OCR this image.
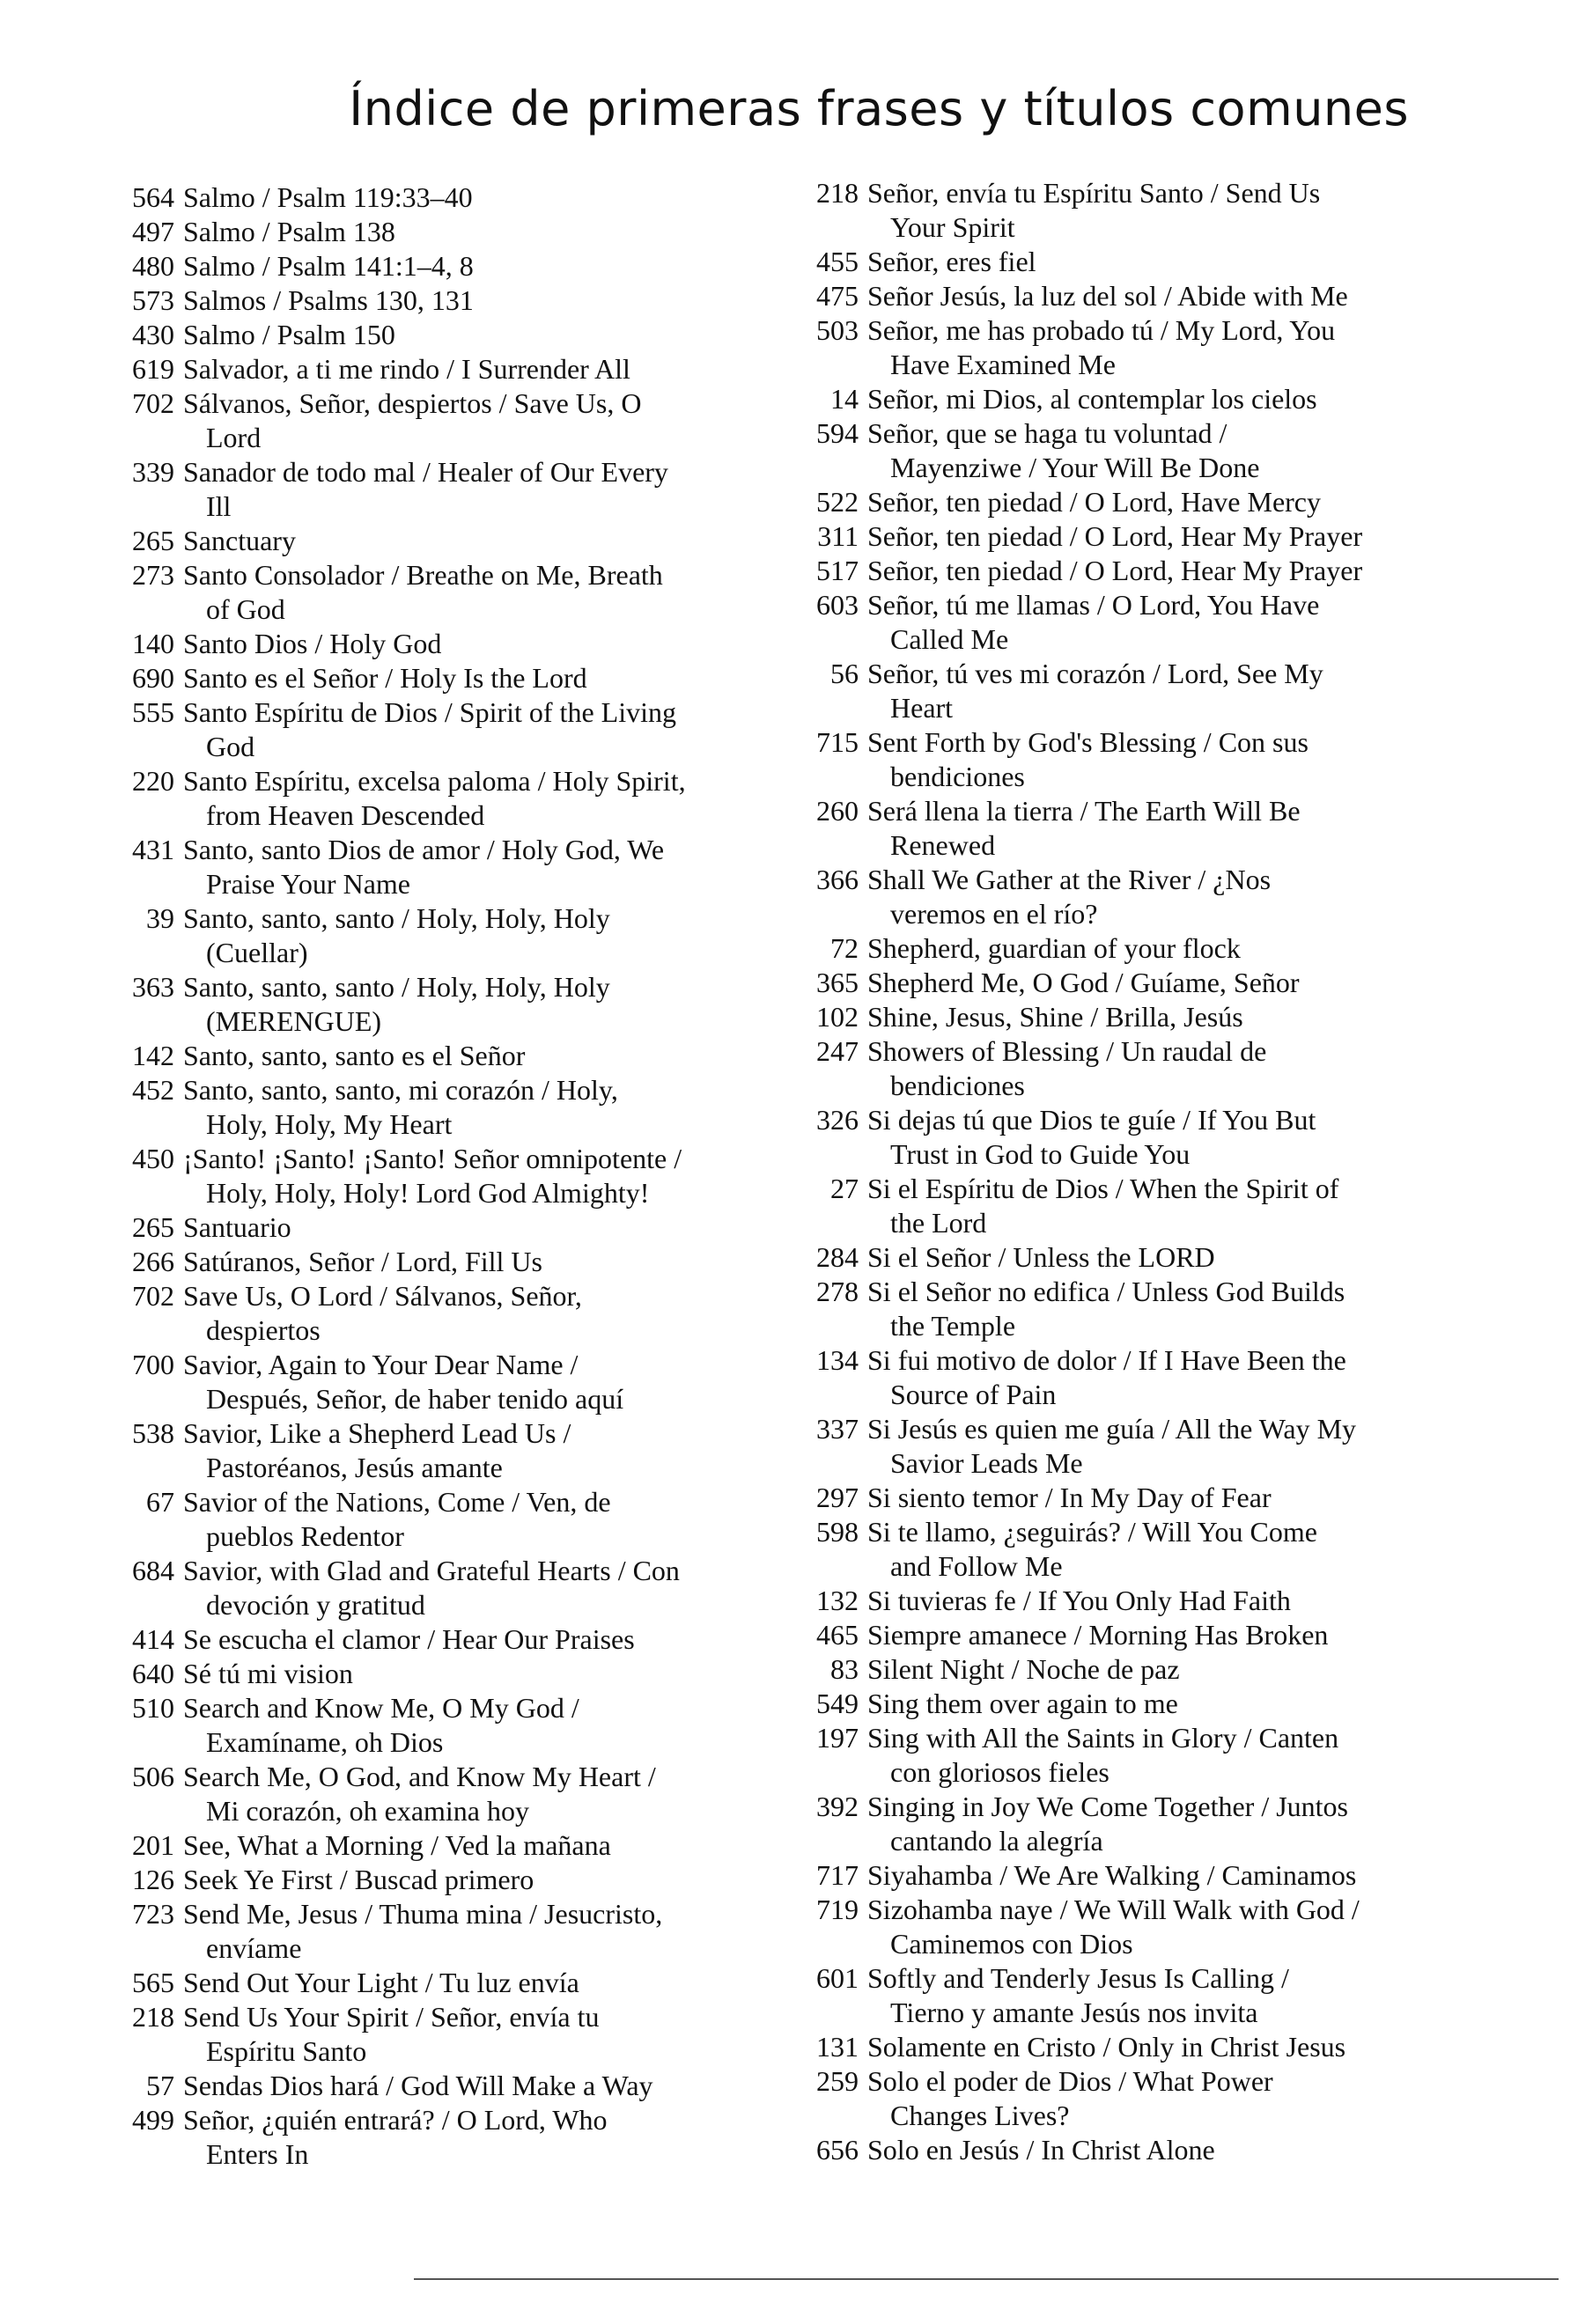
Índice de primeras frases y títulos comunes
564 Salmo / Psalm 119:33–40
497 Salmo / Psalm 138
480 Salmo / Psalm 141:1–4, 8
573 Salmos / Psalms 130, 131
430 Salmo / Psalm 150
619 Salvador, a ti me rindo / I Surrender All
702 Sálvanos, Señor, despiertos / Save Us, O
Lord
339 Sanador de todo mal / Healer of Our Every
Ill
265 Sanctuary
273 Santo Consolador / Breathe on Me, Breath
of God
140 Santo Dios / Holy God
690 Santo es el Señor / Holy Is the Lord
555 Santo Espíritu de Dios / Spirit of the Living
God
220 Santo Espíritu, excelsa paloma / Holy Spirit,
from Heaven Descended
431 Santo, santo Dios de amor / Holy God, We
Praise Your Name
39 Santo, santo, santo / Holy, Holy, Holy
(Cuellar)
363 Santo, santo, santo / Holy, Holy, Holy
(MERENGUE)
142 Santo, santo, santo es el Señor
452 Santo, santo, santo, mi corazón / Holy,
Holy, Holy, My Heart
450 ¡Santo! ¡Santo! ¡Santo! Señor omnipotente /
Holy, Holy, Holy! Lord God Almighty!
265 Santuario
266 Satúranos, Señor / Lord, Fill Us
702 Save Us, O Lord / Sálvanos, Señor,
despiertos
700 Savior, Again to Your Dear Name /
Después, Señor, de haber tenido aquí
538 Savior, Like a Shepherd Lead Us /
Pastoréanos, Jesús amante
67 Savior of the Nations, Come / Ven, de
pueblos Redentor
684 Savior, with Glad and Grateful Hearts / Con
devoción y gratitud
414 Se escucha el clamor / Hear Our Praises
640 Sé tú mi vision
510 Search and Know Me, O My God /
Examíname, oh Dios
506 Search Me, O God, and Know My Heart /
Mi corazón, oh examina hoy
201 See, What a Morning / Ved la mañana
126 Seek Ye First / Buscad primero
723 Send Me, Jesus / Thuma mina / Jesucristo,
envíame
565 Send Out Your Light / Tu luz envía
218 Send Us Your Spirit / Señor, envía tu
Espíritu Santo
57 Sendas Dios hará / God Will Make a Way
499 Señor, ¿quién entrará? / O Lord, Who
Enters In
218 Señor, envía tu Espíritu Santo / Send Us
Your Spirit
455 Señor, eres fiel
475 Señor Jesús, la luz del sol / Abide with Me
503 Señor, me has probado tú / My Lord, You
Have Examined Me
14 Señor, mi Dios, al contemplar los cielos
594 Señor, que se haga tu voluntad /
Mayenziwe / Your Will Be Done
522 Señor, ten piedad / O Lord, Have Mercy
311 Señor, ten piedad / O Lord, Hear My Prayer
517 Señor, ten piedad / O Lord, Hear My Prayer
603 Señor, tú me llamas / O Lord, You Have
Called Me
56 Señor, tú ves mi corazón / Lord, See My
Heart
715 Sent Forth by God's Blessing / Con sus
bendiciones
260 Será llena la tierra / The Earth Will Be
Renewed
366 Shall We Gather at the River / ¿Nos
veremos en el río?
72 Shepherd, guardian of your flock
365 Shepherd Me, O God / Guíame, Señor
102 Shine, Jesus, Shine / Brilla, Jesús
247 Showers of Blessing / Un raudal de
bendiciones
326 Si dejas tú que Dios te guíe / If You But
Trust in God to Guide You
27 Si el Espíritu de Dios / When the Spirit of
the Lord
284 Si el Señor / Unless the LORD
278 Si el Señor no edifica / Unless God Builds
the Temple
134 Si fui motivo de dolor / If I Have Been the
Source of Pain
337 Si Jesús es quien me guía / All the Way My
Savior Leads Me
297 Si siento temor / In My Day of Fear
598 Si te llamo, ¿seguirás? / Will You Come
and Follow Me
132 Si tuvieras fe / If You Only Had Faith
465 Siempre amanece / Morning Has Broken
83 Silent Night / Noche de paz
549 Sing them over again to me
197 Sing with All the Saints in Glory / Canten
con gloriosos fieles
392 Singing in Joy We Come Together / Juntos
cantando la alegría
717 Siyahamba / We Are Walking / Caminamos
719 Sizohamba naye / We Will Walk with God /
Caminemos con Dios
601 Softly and Tenderly Jesus Is Calling /
Tierno y amante Jesús nos invita
131 Solamente en Cristo / Only in Christ Jesus
259 Solo el poder de Dios / What Power
Changes Lives?
656 Solo en Jesús / In Christ Alone
